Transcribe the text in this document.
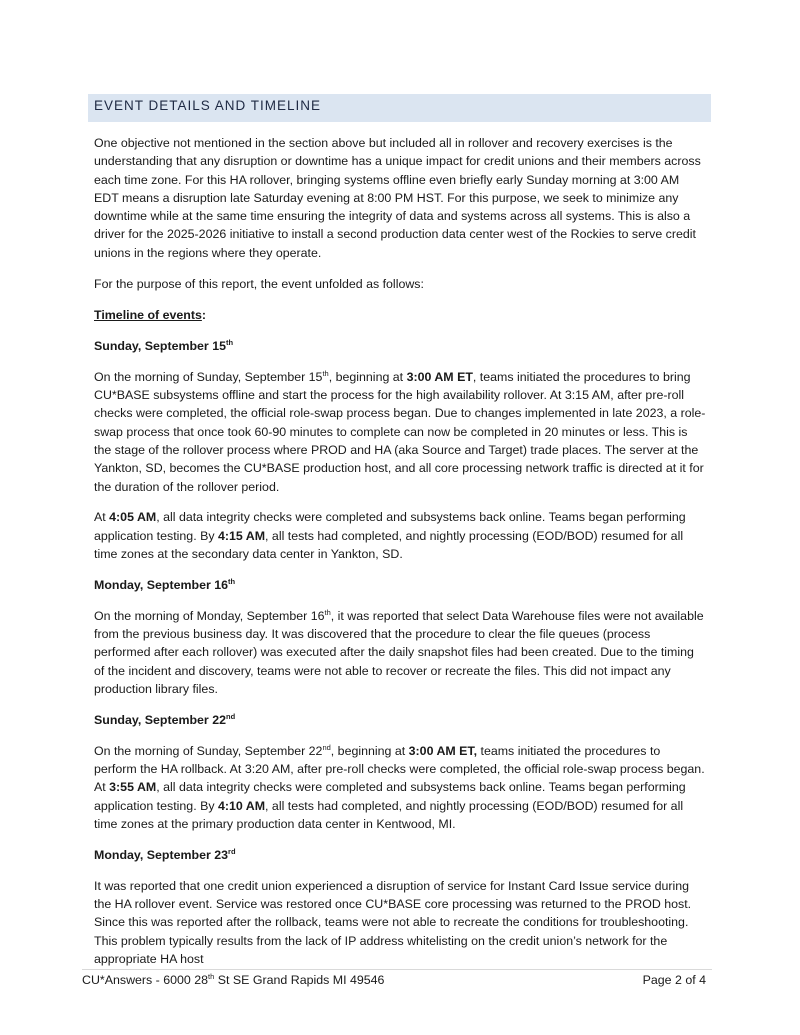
EVENT DETAILS AND TIMELINE

One objective not mentioned in the section above but included all in rollover and recovery exercises is the understanding that any disruption or downtime has a unique impact for credit unions and their members across each time zone. For this HA rollover, bringing systems offline even briefly early Sunday morning at 3:00 AM EDT means a disruption late Saturday evening at 8:00 PM HST. For this purpose, we seek to minimize any downtime while at the same time ensuring the integrity of data and systems across all systems. This is also a driver for the 2025-2026 initiative to install a second production data center west of the Rockies to serve credit unions in the regions where they operate.

For the purpose of this report, the event unfolded as follows:

Timeline of events:

Sunday, September 15th

On the morning of Sunday, September 15th, beginning at 3:00 AM ET, teams initiated the procedures to bring CU*BASE subsystems offline and start the process for the high availability rollover. At 3:15 AM, after pre-roll checks were completed, the official role-swap process began. Due to changes implemented in late 2023, a role-swap process that once took 60-90 minutes to complete can now be completed in 20 minutes or less. This is the stage of the rollover process where PROD and HA (aka Source and Target) trade places. The server at the Yankton, SD, becomes the CU*BASE production host, and all core processing network traffic is directed at it for the duration of the rollover period.

At 4:05 AM, all data integrity checks were completed and subsystems back online. Teams began performing application testing. By 4:15 AM, all tests had completed, and nightly processing (EOD/BOD) resumed for all time zones at the secondary data center in Yankton, SD.

Monday, September 16th

On the morning of Monday, September 16th, it was reported that select Data Warehouse files were not available from the previous business day. It was discovered that the procedure to clear the file queues (process performed after each rollover) was executed after the daily snapshot files had been created. Due to the timing of the incident and discovery, teams were not able to recover or recreate the files. This did not impact any production library files.

Sunday, September 22nd

On the morning of Sunday, September 22nd, beginning at 3:00 AM ET, teams initiated the procedures to perform the HA rollback. At 3:20 AM, after pre-roll checks were completed, the official role-swap process began. At 3:55 AM, all data integrity checks were completed and subsystems back online. Teams began performing application testing. By 4:10 AM, all tests had completed, and nightly processing (EOD/BOD) resumed for all time zones at the primary production data center in Kentwood, MI.

Monday, September 23rd

It was reported that one credit union experienced a disruption of service for Instant Card Issue service during the HA rollover event. Service was restored once CU*BASE core processing was returned to the PROD host. Since this was reported after the rollback, teams were not able to recreate the conditions for troubleshooting. This problem typically results from the lack of IP address whitelisting on the credit union’s network for the appropriate HA host

CU*Answers - 6000 28th St SE Grand Rapids MI 49546	Page 2 of 4
